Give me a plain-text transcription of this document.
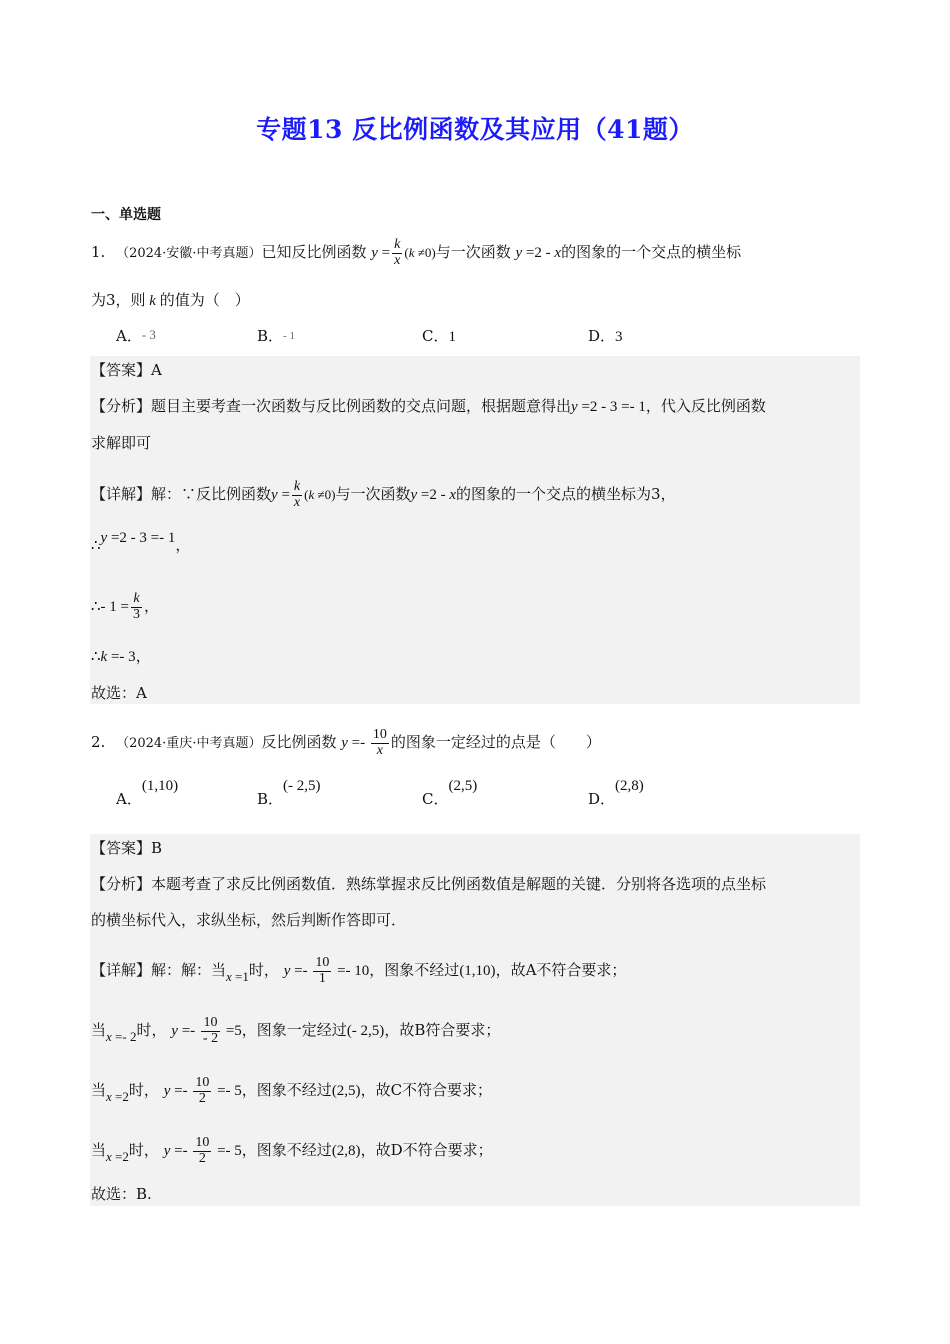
专题13 反比例函数及其应用（41题）
一、单选题
1. （2024·安徽·中考真题）已知反比例函数 $y = \frac{k}{x} (k \ne 0)$与一次函数 y =2 - x的图象的一个交点的横坐标
为3，则 k 的值为（　）
A．- 3	B．- 1	C．1	D．3
【答案】A
【分析】题目主要考查一次函数与反比例函数的交点问题，根据题意得出y =2 - 3 =- 1，代入反比例函数
求解即可
【详解】解：∵反比例函数$y = \frac{k}{x} (k \ne 0)$与一次函数y =2 - x的图象的一个交点的横坐标为3，
∴y =2 - 3 =- 1，
∴- $1 = \frac{k}{3}$ ，
∴k =- 3，
故选：A
2. （2024·重庆·中考真题）反比例函数 $y =- \frac{10}{x}$ 的图象一定经过的点是（　　）
A．(1,10)
B．(- 2,5)
C．(2,5)
D．(2,8)
【答案】B
【分析】本题考查了求反比例函数值．熟练掌握求反比例函数值是解题的关键．分别将各选项的点坐标
的横坐标代入，求纵坐标，然后判断作答即可．
【详解】解：解：当x =1时， $y =- \frac{10}{1} =- 10$，图象不经过(1,10)，故A不符合要求；
当x =- 2时， $y =- \frac{10}{- 2} =5$，图象一定经过(- 2,5)，故B符合要求；
当x =2时， $y =- \frac{10}{2} =- 5$，图象不经过(2,5)，故C不符合要求；
当x =2时， $y =- \frac{10}{2} =- 5$，图象不经过(2,8)，故D不符合要求；
故选：B.
